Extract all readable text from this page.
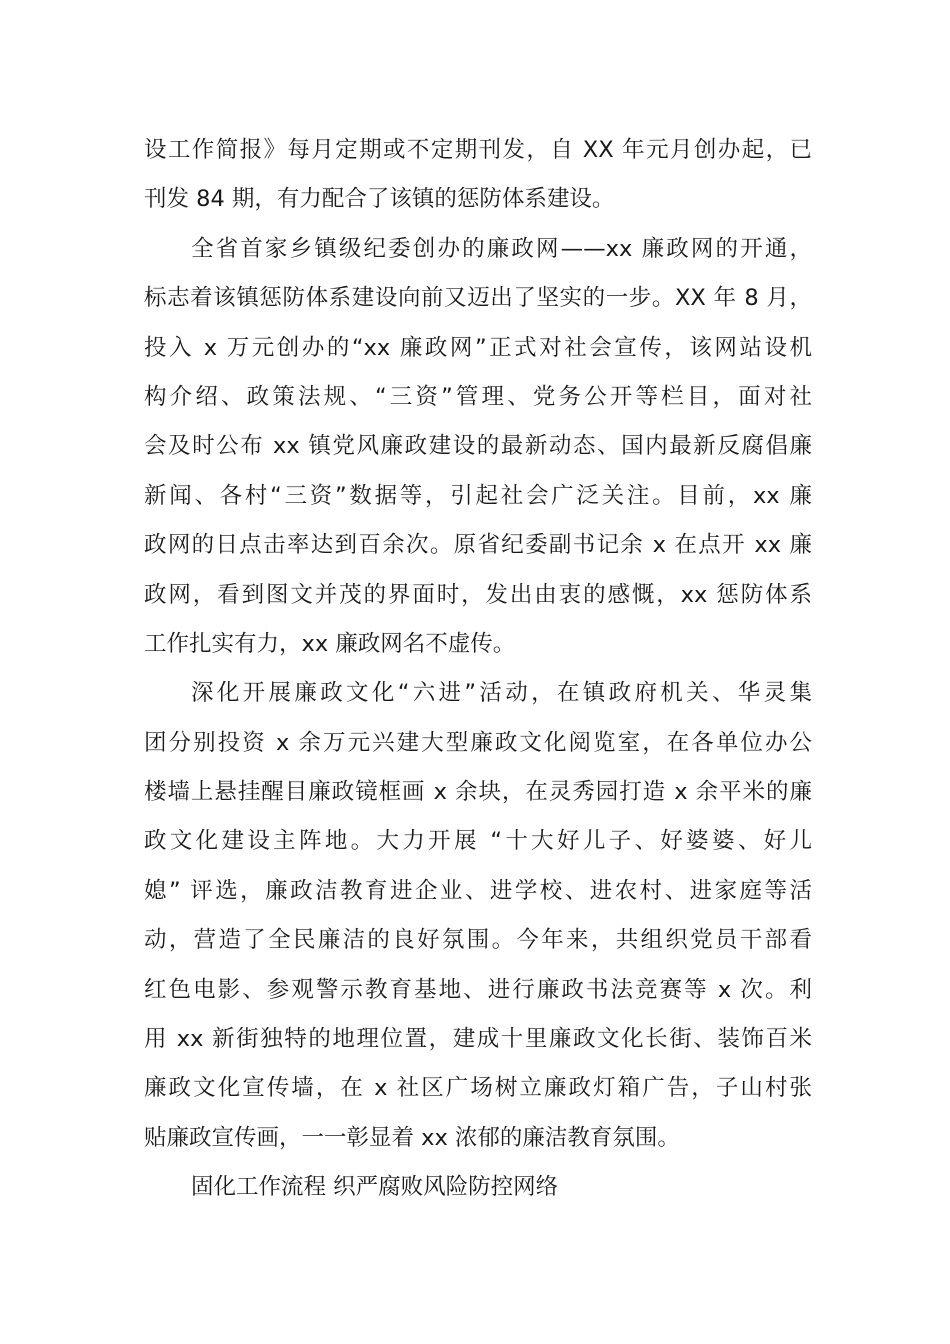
设工作简报》每月定期或不定期刊发，自 XX 年元月创办起，已
刊发 84 期，有力配合了该镇的惩防体系建设。
全省首家乡镇级纪委创办的廉政网——xx 廉政网的开通，
标志着该镇惩防体系建设向前又迈出了坚实的一步。XX 年 8 月，
投入 x 万元创办的“xx 廉政网”正式对社会宣传，该网站设机
构介绍、政策法规、“三资”管理、党务公开等栏目，面对社
会及时公布 xx 镇党风廉政建设的最新动态、国内最新反腐倡廉
新闻、各村“三资”数据等，引起社会广泛关注。目前，xx 廉
政网的日点击率达到百余次。原省纪委副书记余 x 在点开 xx 廉
政网，看到图文并茂的界面时，发出由衷的感慨，xx 惩防体系
工作扎实有力，xx 廉政网名不虚传。
深化开展廉政文化“六进”活动，在镇政府机关、华灵集
团分别投资 x 余万元兴建大型廉政文化阅览室，在各单位办公
楼墙上悬挂醒目廉政镜框画 x 余块，在灵秀园打造 x 余平米的廉
政文化建设主阵地。大力开展 “十大好儿子、好婆婆、好儿
媳” 评选，廉政洁教育进企业、进学校、进农村、进家庭等活
动，营造了全民廉洁的良好氛围。今年来，共组织党员干部看
红色电影、参观警示教育基地、进行廉政书法竞赛等 x 次。利
用 xx 新街独特的地理位置，建成十里廉政文化长街、装饰百米
廉政文化宣传墙，在 x 社区广场树立廉政灯箱广告，子山村张
贴廉政宣传画，一一彰显着 xx 浓郁的廉洁教育氛围。
固化工作流程 织严腐败风险防控网络
